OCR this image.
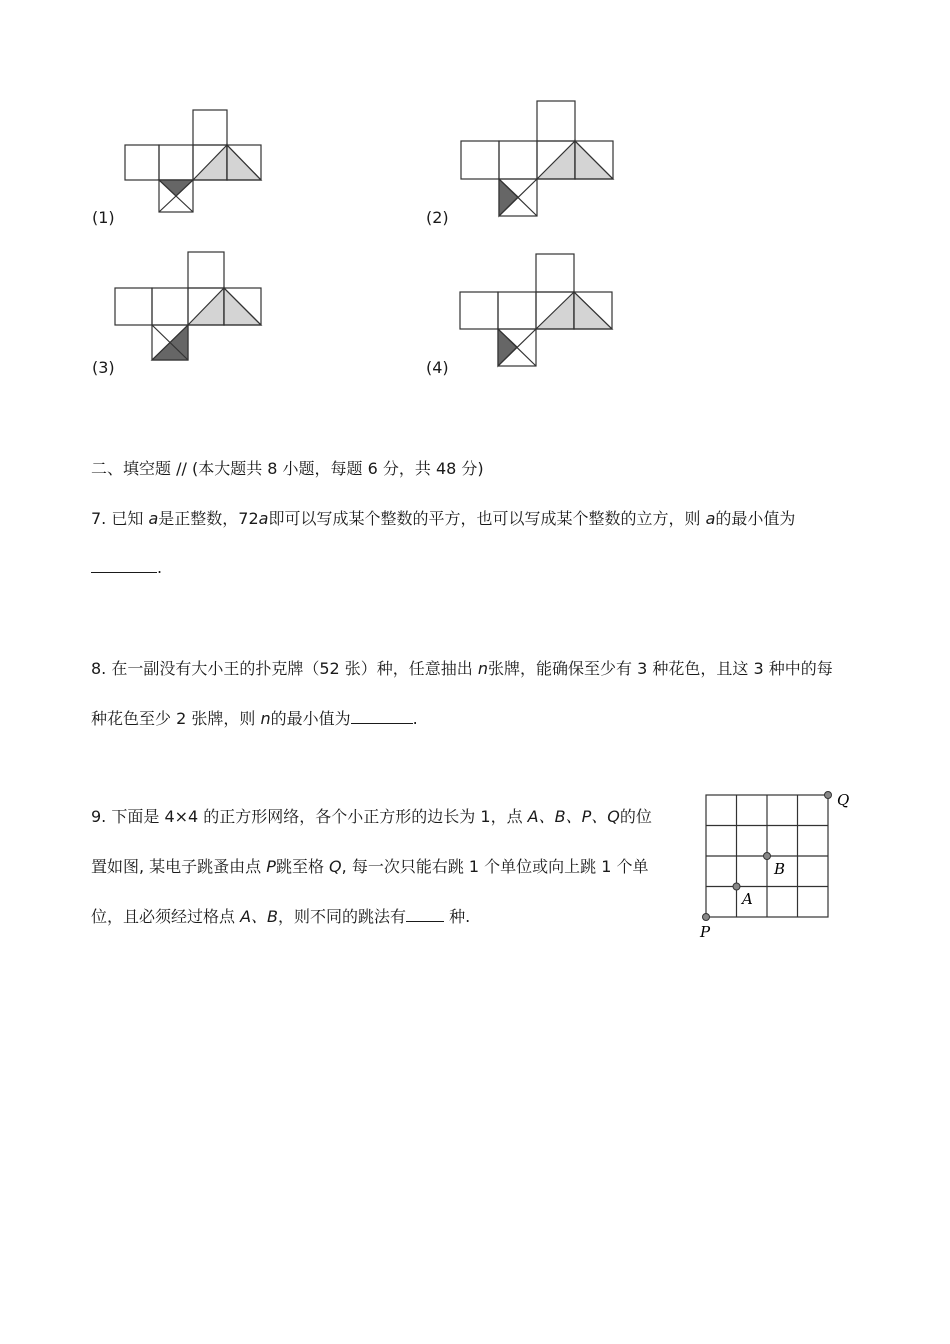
(1)	(2)
(3)	(4)
二、填空题 // (本大题共 8 小题，每题 6 分，共 48 分)
7. 已知 a是正整数，72a即可以写成某个整数的平方，也可以写成某个整数的立方，则 a的最小值为
.
8. 在一副没有大小王的扑克牌（52 张）种，任意抽出 n张牌，能确保至少有 3 种花色，且这 3 种中的每
种花色至少 2 张牌，则 n的最小值为	.
9. 下面是 4×4 的正方形网络，各个小正方形的边长为 1，点 A、B、P、Q的位
置如图, 某电子跳蚤由点 P跳至格 Q, 每一次只能右跳 1 个单位或向上跳 1 个单
位，且必须经过格点 A、B，则不同的跳法有	种.
P
A
B
Q
